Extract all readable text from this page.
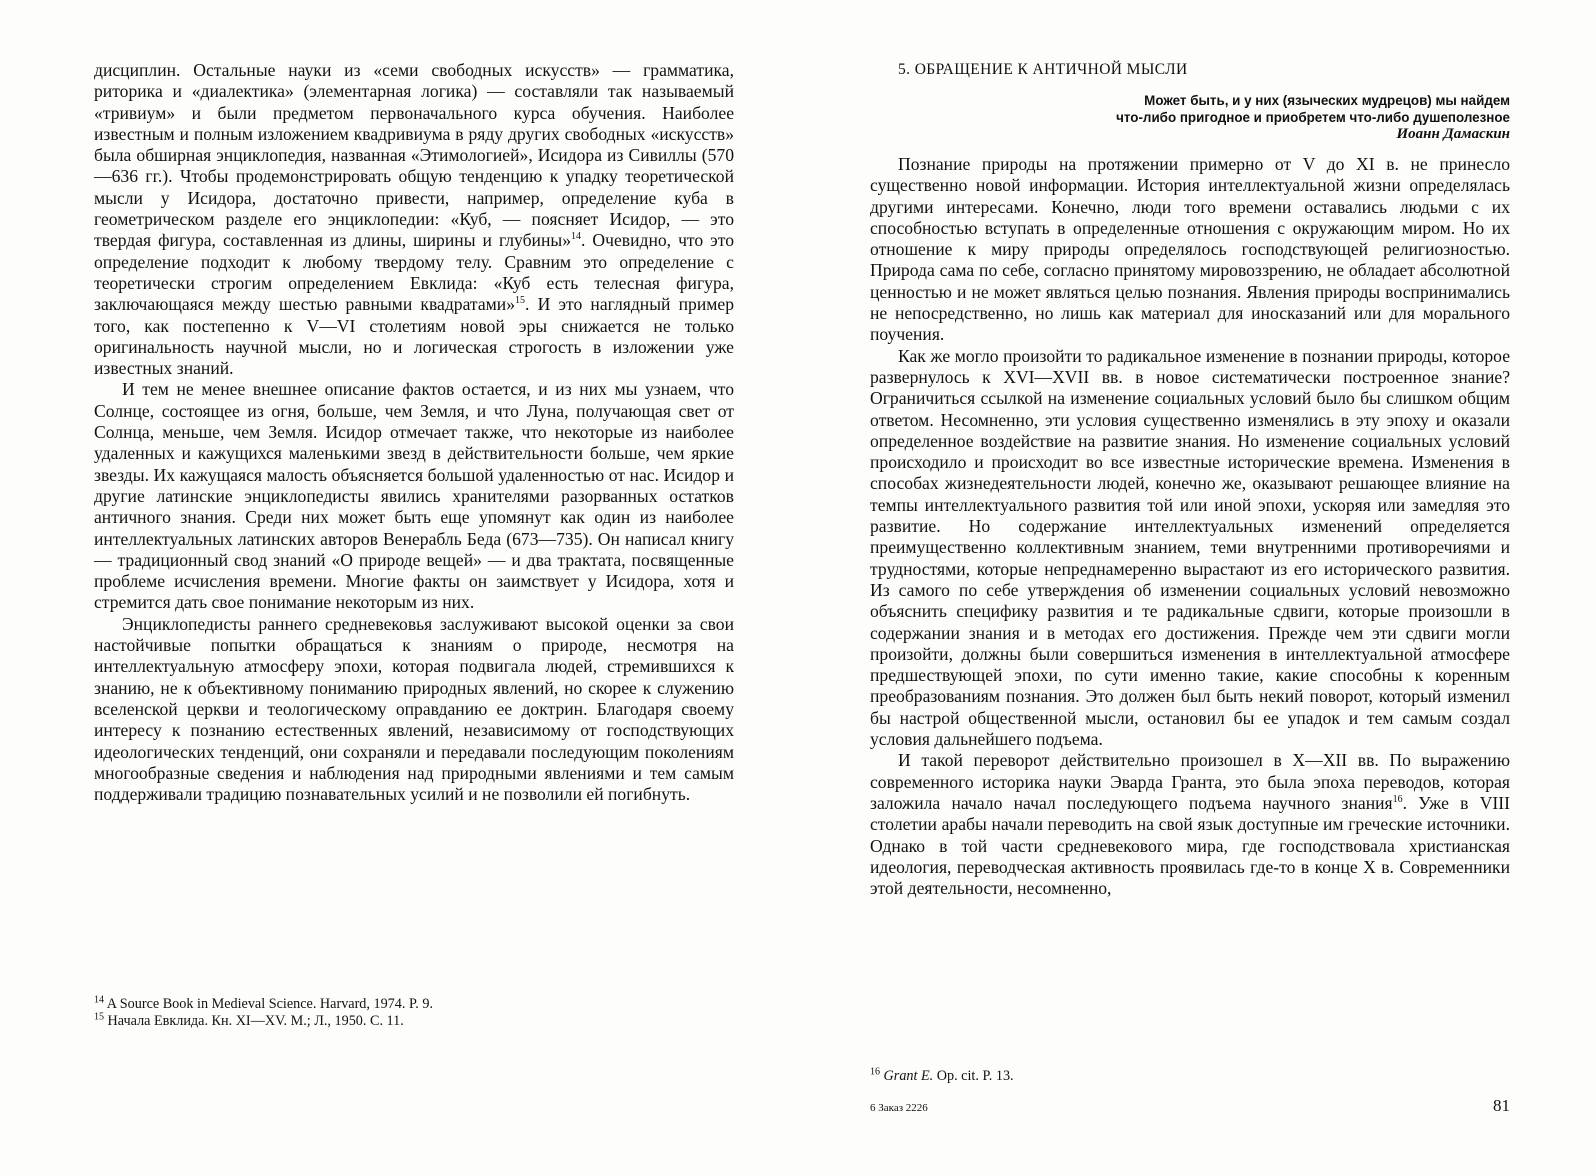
дисциплин. Остальные науки из «семи свободных искусств» — грамматика, риторика и «диалектика» (элементарная логика) — составляли так называемый «тривиум» и были предметом первоначального курса обучения. Наиболее известным и полным изложением квадривиума в ряду других свободных «искусств» была обширная энциклопедия, названная «Этимологией», Исидора из Сивиллы (570—636 гг.). Чтобы продемонстрировать общую тенденцию к упадку теоретической мысли у Исидора, достаточно привести, например, определение куба в геометрическом разделе его энциклопедии: «Куб, — поясняет Исидор, — это твердая фигура, составленная из длины, ширины и глубины»$^{14}$. Очевидно, что это определение подходит к любому твердому телу. Сравним это определение с теоретически строгим определением Евклида: «Куб есть телесная фигура, заключающаяся между шестью равными квадратами»$^{15}$. И это наглядный пример того, как постепенно к V—VI столетиям новой эры снижается не только оригинальность научной мысли, но и логическая строгость в изложении уже известных знаний.

И тем не менее внешнее описание фактов остается, и из них мы узнаем, что Солнце, состоящее из огня, больше, чем Земля, и что Луна, получающая свет от Солнца, меньше, чем Земля. Исидор отмечает также, что некоторые из наиболее удаленных и кажущихся маленькими звезд в действительности больше, чем яркие звезды. Их кажущаяся малость объясняется большой удаленностью от нас. Исидор и другие латинские энциклопедисты явились хранителями разорванных остатков античного знания. Среди них может быть еще упомянут как один из наиболее интеллектуальных латинских авторов Венерабль Беда (673—735). Он написал книгу — традиционный свод знаний «О природе вещей» — и два трактата, посвященные проблеме исчисления времени. Многие факты он заимствует у Исидора, хотя и стремится дать свое понимание некоторым из них.

Энциклопедисты раннего средневековья заслуживают высокой оценки за свои настойчивые попытки обращаться к знаниям о природе, несмотря на интеллектуальную атмосферу эпохи, которая подвигала людей, стремившихся к знанию, не к объективному пониманию природных явлений, но скорее к служению вселенской церкви и теологическому оправданию ее доктрин. Благодаря своему интересу к познанию естественных явлений, независимому от господствующих идеологических тенденций, они сохраняли и передавали последующим поколениям многообразные сведения и наблюдения над природными явлениями и тем самым поддерживали традицию познавательных усилий и не позволили ей погибнуть.

$^{14}$ A Source Book in Medieval Science. Harvard, 1974. P. 9.
$^{15}$ Начала Евклида. Кн. XI—XV. М.; Л., 1950. С. 11.
5. ОБРАЩЕНИЕ К АНТИЧНОЙ МЫСЛИ
Может быть, и у них (языческих мудрецов) мы найдем
что-либо пригодное и приобретем что-либо душеполезное
Иоанн Дамаскин

Познание природы на протяжении примерно от V до XI в. не принесло существенно новой информации. История интеллектуальной жизни определялась другими интересами. Конечно, люди того времени оставались людьми с их способностью вступать в определенные отношения с окружающим миром. Но их отношение к миру природы определялось господствующей религиозностью. Природа сама по себе, согласно принятому мировоззрению, не обладает абсолютной ценностью и не может являться целью познания. Явления природы воспринимались не непосредственно, но лишь как материал для иносказаний или для морального поучения.

Как же могло произойти то радикальное изменение в познании природы, которое развернулось к XVI—XVII вв. в новое систематически построенное знание? Ограничиться ссылкой на изменение социальных условий было бы слишком общим ответом. Несомненно, эти условия существенно изменялись в эту эпоху и оказали определенное воздействие на развитие знания. Но изменение социальных условий происходило и происходит во все известные исторические времена. Изменения в способах жизнедеятельности людей, конечно же, оказывают решающее влияние на темпы интеллектуального развития той или иной эпохи, ускоряя или замедляя это развитие. Но содержание интеллектуальных изменений определяется преимущественно коллективным знанием, теми внутренними противоречиями и трудностями, которые непреднамеренно вырастают из его исторического развития. Из самого по себе утверждения об изменении социальных условий невозможно объяснить специфику развития и те радикальные сдвиги, которые произошли в содержании знания и в методах его достижения. Прежде чем эти сдвиги могли произойти, должны были совершиться изменения в интеллектуальной атмосфере предшествующей эпохи, по сути именно такие, какие способны к коренным преобразованиям познания. Это должен был быть некий поворот, который изменил бы настрой общественной мысли, остановил бы ее упадок и тем самым создал условия дальнейшего подъема.

И такой переворот действительно произошел в X—XII вв. По выражению современного историка науки Эварда Гранта, это была эпоха переводов, которая заложила начало начал последующего подъема научного знания$^{16}$. Уже в VIII столетии арабы начали переводить на свой язык доступные им греческие источники. Однако в той части средневекового мира, где господствовала христианская идеология, переводческая активность проявилась где-то в конце X в. Современники этой деятельности, несомненно,

$^{16}$ Grant E. Op. cit. P. 13.
6 Заказ 2226	81
